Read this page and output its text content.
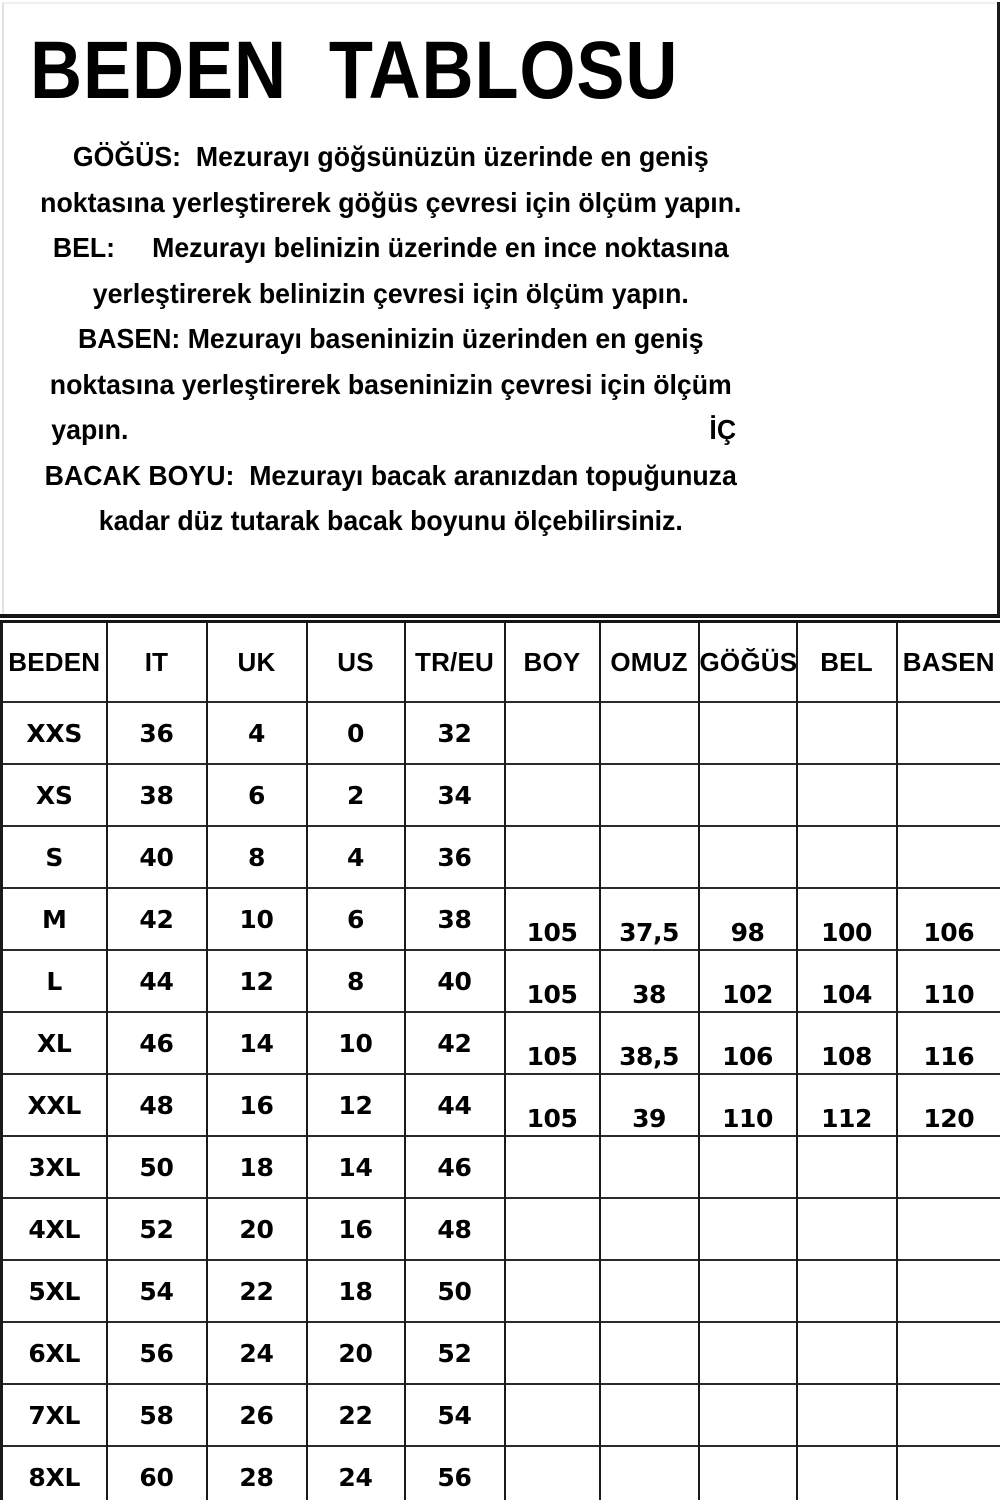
BEDEN  TABLOSU
GÖĞÜS:  Mezurayı göğsünüzün üzerinde en geniş
noktasına yerleştirerek göğüs çevresi için ölçüm yapın.
BEL:     Mezurayı belinizin üzerinde en ince noktasına
yerleştirerek belinizin çevresi için ölçüm yapın.
BASEN: Mezurayı baseninizin üzerinden en geniş
noktasına yerleştirerek baseninizin çevresi için ölçüm
yapın.	İÇ
BACAK BOYU:  Mezurayı bacak aranızdan topuğunuza
kadar düz tutarak bacak boyunu ölçebilirsiniz.
BEDEN	IT	UK	US	TR/EU	BOY	OMUZ	GÖĞÜS	BEL	BASEN
XXS	36	4	0	32					
XS	38	6	2	34					
S	40	8	4	36					
M	42	10	6	38	105	37,5	98	100	106
L	44	12	8	40	105	38	102	104	110
XL	46	14	10	42	105	38,5	106	108	116
XXL	48	16	12	44	105	39	110	112	120
3XL	50	18	14	46					
4XL	52	20	16	48					
5XL	54	22	18	50					
6XL	56	24	20	52					
7XL	58	26	22	54					
8XL	60	28	24	56					
